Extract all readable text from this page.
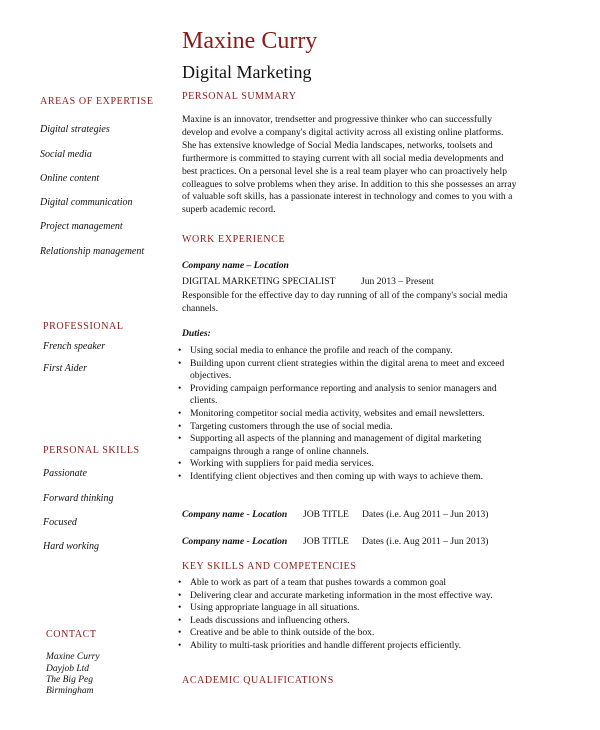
Maxine Curry
Digital Marketing
AREAS OF EXPERTISE
Digital strategies
Social media
Online content
Digital communication
Project management
Relationship management
PROFESSIONAL
French speaker
First Aider
PERSONAL SKILLS
Passionate
Forward thinking
Focused
Hard working
CONTACT
Maxine Curry
Dayjob Ltd
The Big Peg
Birmingham
PERSONAL SUMMARY
Maxine is an innovator, trendsetter and progressive thinker who can successfully
develop and evolve a company's digital activity across all existing online platforms.
She has extensive knowledge of Social Media landscapes, networks, toolsets and
furthermore is committed to staying current with all social media developments and
best practices. On a personal level she is a real team player who can proactively help
colleagues to solve problems when they arise. In addition to this she possesses an array
of valuable soft skills, has a passionate interest in technology and comes to you with a
superb academic record.
WORK EXPERIENCE
Company name – Location
DIGITAL MARKETING SPECIALIST	Jun 2013 – Present
Responsible for the effective day to day running of all of the company's social media
channels.
Duties:
• Using social media to enhance the profile and reach of the company.
• Building upon current client strategies within the digital arena to meet and exceed
objectives.
• Providing campaign performance reporting and analysis to senior managers and
clients.
• Monitoring competitor social media activity, websites and email newsletters.
• Targeting customers through the use of social media.
• Supporting all aspects of the planning and management of digital marketing
campaigns through a range of online channels.
• Working with suppliers for paid media services.
• Identifying client objectives and then coming up with ways to achieve them.
Company name - Location JOB TITLE Dates (i.e. Aug 2011 – Jun 2013)
Company name - Location JOB TITLE Dates (i.e. Aug 2011 – Jun 2013)
KEY SKILLS AND COMPETENCIES
• Able to work as part of a team that pushes towards a common goal
• Delivering clear and accurate marketing information in the most effective way.
• Using appropriate language in all situations.
• Leads discussions and influencing others.
• Creative and be able to think outside of the box.
• Ability to multi-task priorities and handle different projects efficiently.
ACADEMIC QUALIFICATIONS
